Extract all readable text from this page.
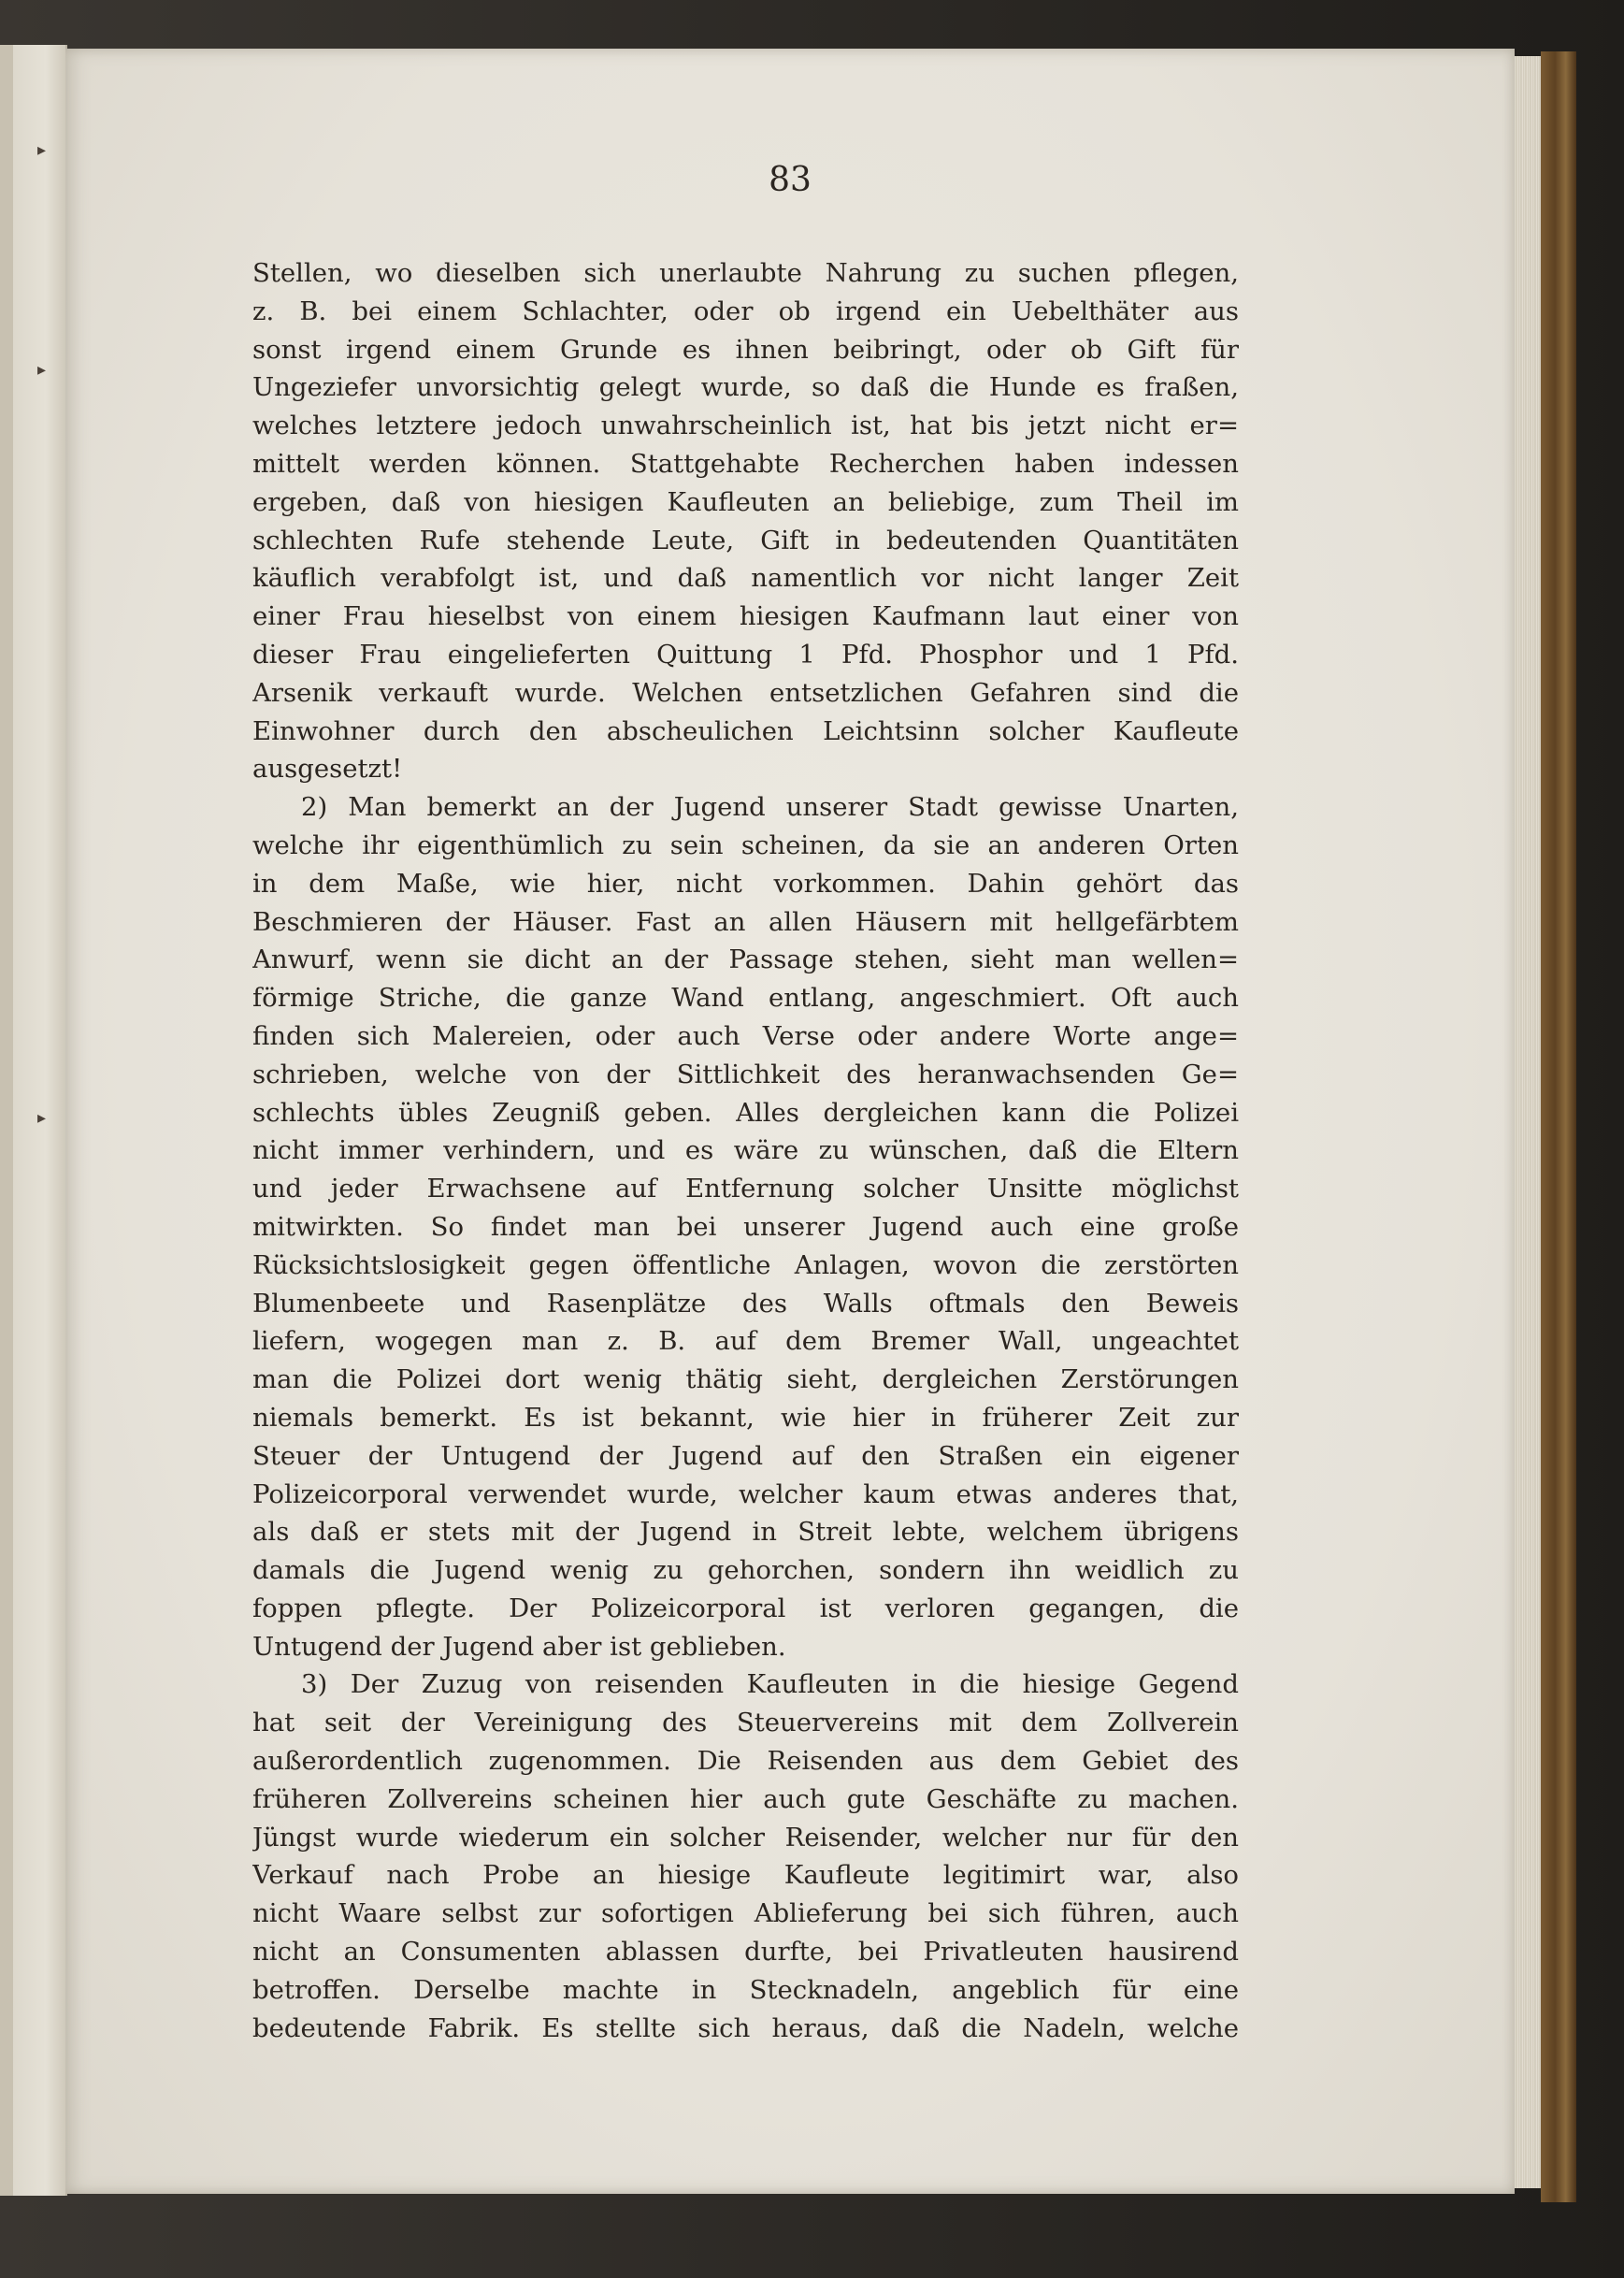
▸
▸
▸
83
Stellen, wo dieselben sich unerlaubte Nahrung zu suchen pflegen,
z. B. bei einem Schlachter, oder ob irgend ein Uebelthäter aus
sonst irgend einem Grunde es ihnen beibringt, oder ob Gift für
Ungeziefer unvorsichtig gelegt wurde, so daß die Hunde es fraßen,
welches letztere jedoch unwahrscheinlich ist, hat bis jetzt nicht er=
mittelt werden können. Stattgehabte Recherchen haben indessen
ergeben, daß von hiesigen Kaufleuten an beliebige, zum Theil im
schlechten Rufe stehende Leute, Gift in bedeutenden Quantitäten
käuflich verabfolgt ist, und daß namentlich vor nicht langer Zeit
einer Frau hieselbst von einem hiesigen Kaufmann laut einer von
dieser Frau eingelieferten Quittung 1 Pfd. Phosphor und 1 Pfd.
Arsenik verkauft wurde. Welchen entsetzlichen Gefahren sind die
Einwohner durch den abscheulichen Leichtsinn solcher Kaufleute
ausgesetzt!
2) Man bemerkt an der Jugend unserer Stadt gewisse Unarten,
welche ihr eigenthümlich zu sein scheinen, da sie an anderen Orten
in dem Maße, wie hier, nicht vorkommen. Dahin gehört das
Beschmieren der Häuser. Fast an allen Häusern mit hellgefärbtem
Anwurf, wenn sie dicht an der Passage stehen, sieht man wellen=
förmige Striche, die ganze Wand entlang, angeschmiert. Oft auch
finden sich Malereien, oder auch Verse oder andere Worte ange=
schrieben, welche von der Sittlichkeit des heranwachsenden Ge=
schlechts übles Zeugniß geben. Alles dergleichen kann die Polizei
nicht immer verhindern, und es wäre zu wünschen, daß die Eltern
und jeder Erwachsene auf Entfernung solcher Unsitte möglichst
mitwirkten. So findet man bei unserer Jugend auch eine große
Rücksichtslosigkeit gegen öffentliche Anlagen, wovon die zerstörten
Blumenbeete und Rasenplätze des Walls oftmals den Beweis
liefern, wogegen man z. B. auf dem Bremer Wall, ungeachtet
man die Polizei dort wenig thätig sieht, dergleichen Zerstörungen
niemals bemerkt. Es ist bekannt, wie hier in früherer Zeit zur
Steuer der Untugend der Jugend auf den Straßen ein eigener
Polizeicorporal verwendet wurde, welcher kaum etwas anderes that,
als daß er stets mit der Jugend in Streit lebte, welchem übrigens
damals die Jugend wenig zu gehorchen, sondern ihn weidlich zu
foppen pflegte. Der Polizeicorporal ist verloren gegangen, die
Untugend der Jugend aber ist geblieben.
3) Der Zuzug von reisenden Kaufleuten in die hiesige Gegend
hat seit der Vereinigung des Steuervereins mit dem Zollverein
außerordentlich zugenommen. Die Reisenden aus dem Gebiet des
früheren Zollvereins scheinen hier auch gute Geschäfte zu machen.
Jüngst wurde wiederum ein solcher Reisender, welcher nur für den
Verkauf nach Probe an hiesige Kaufleute legitimirt war, also
nicht Waare selbst zur sofortigen Ablieferung bei sich führen, auch
nicht an Consumenten ablassen durfte, bei Privatleuten hausirend
betroffen. Derselbe machte in Stecknadeln, angeblich für eine
bedeutende Fabrik. Es stellte sich heraus, daß die Nadeln, welche
